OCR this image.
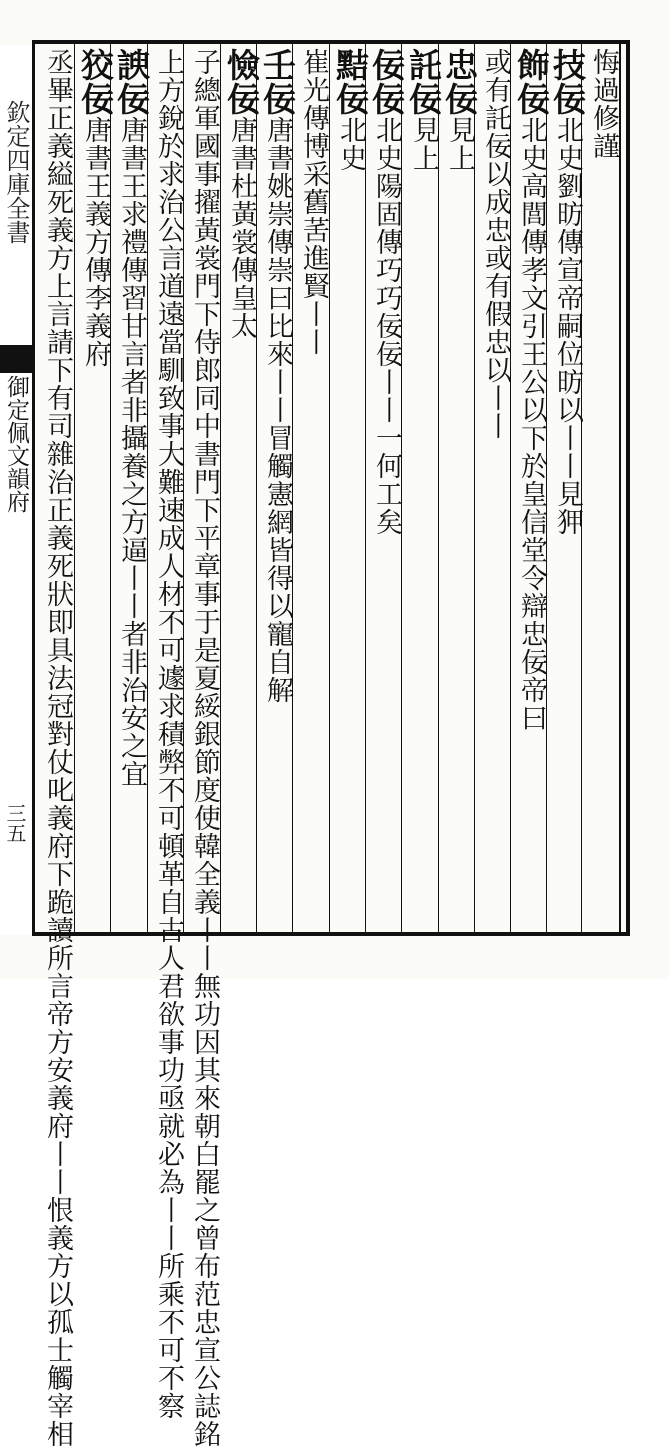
欽定四庫全書
御定佩文韻府
三五
悔過修謹
技佞北史劉昉傳宣帝嗣位昉以丨丨見狎
飾佞北史高閭傳孝文引王公以下於皇信堂令辯忠佞帝曰
或有託佞以成忠或有假忠以丨丨
忠佞見上
託佞見上
佞佞北史陽固傳巧巧佞佞丨丨一何工矣
黠佞北史
崔光傳博采舊䒷進賢丨丨
壬佞唐書姚崇傳崇曰比來丨丨冒觸憲網皆得以寵自解
憸佞唐書杜黃裳傳皇太
子總軍國事擢黃裳門下侍郎同中書門下平章事于是夏綏銀節度使韓全義丨丨無功因其來朝白罷之曾布范忠宣公誌銘
上方銳於求治公言道遠當馴致事大難速成人材不可遽求積弊不可頓革自古人君欲事功亟就必為丨丨所乘不可不察
諛佞唐書王求禮傳習甘言者非攝養之方逼丨丨者非治安之宜
狡佞唐書王義方傳李義府
丞畢正義縊死義方上言請下有司雜治正義死狀即具法冠對仗叱義府下跪讀所言帝方安義府丨丨恨義方以孤士觸宰相
